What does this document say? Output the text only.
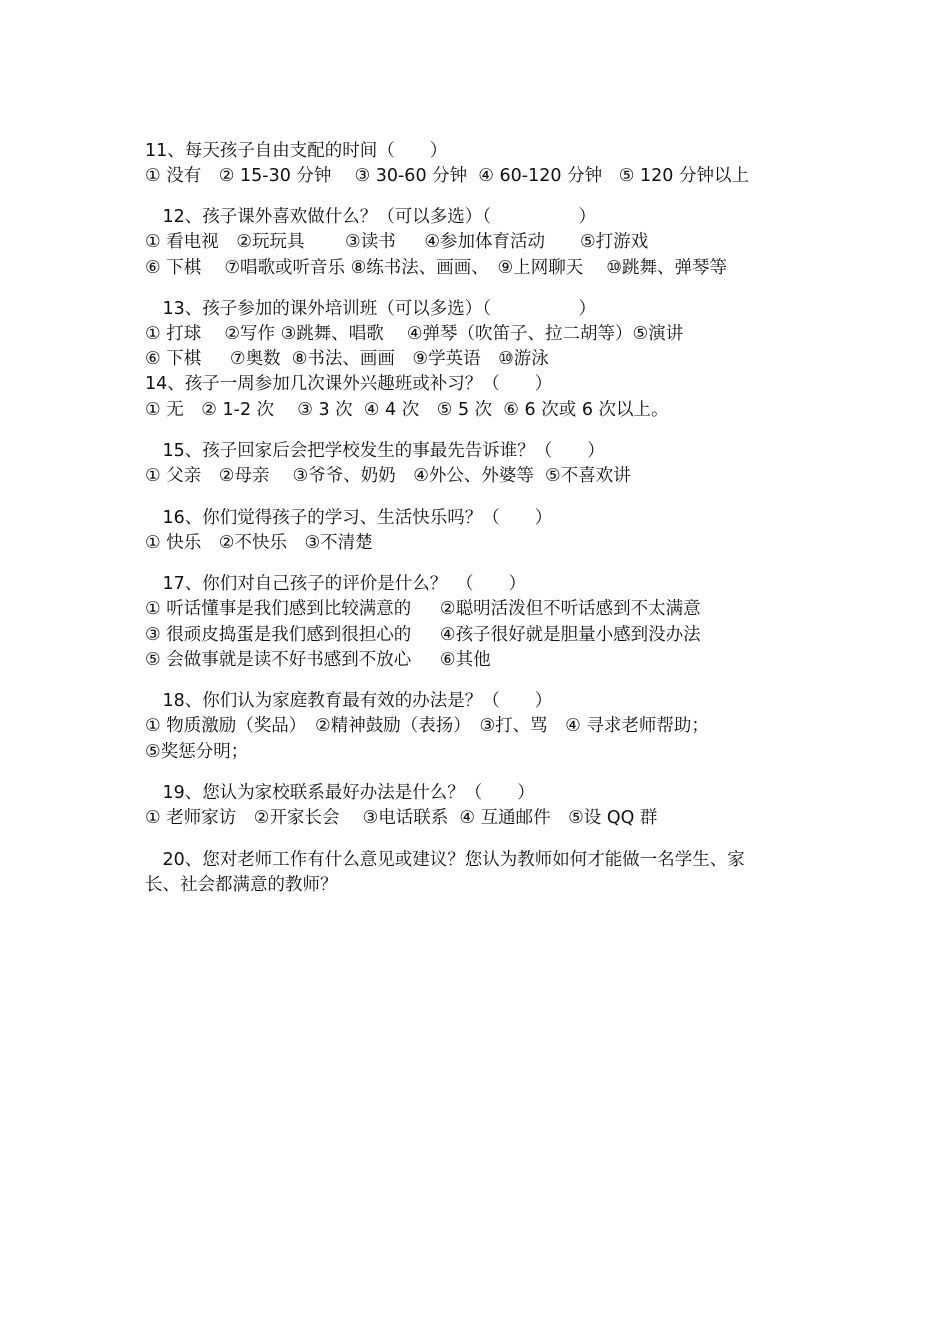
11、每天孩子自由支配的时间（　　）
① 没有　② 15-30 分钟　 ③ 30-60 分钟  ④ 60-120 分钟   ⑤ 120 分钟以上
　12、孩子课外喜欢做什么？（可以多选）（　　　　　）
① 看电视　②玩玩具　　 ③读书　  ④参加体育活动　　⑤打游戏
⑥ 下棋　 ⑦唱歌或听音乐 ⑧练书法、画画、　⑨上网聊天　 ⑩跳舞、弹琴等
　13、孩子参加的课外培训班（可以多选）（　　　　　）
① 打球　 ②写作 ③跳舞、唱歌　 ④弹琴（吹笛子、拉二胡等）⑤演讲
⑥ 下棋　  ⑦奥数  ⑧书法、画画　⑨学英语　⑩游泳
14、孩子一周参加几次课外兴趣班或补习？（　　）
① 无　② 1-2 次　 ③ 3 次  ④ 4 次　⑤ 5 次  ⑥ 6 次或 6 次以上。
　15、孩子回家后会把学校发生的事最先告诉谁？（　　）
① 父亲　②母亲　 ③爷爷、奶奶　④外公、外婆等  ⑤不喜欢讲
　16、你们觉得孩子的学习、生活快乐吗？（　　）
① 快乐　②不快乐　③不清楚
　17、你们对自己孩子的评价是什么？　（　　）
① 听话懂事是我们感到比较满意的　  ②聪明活泼但不听话感到不太满意
③ 很顽皮捣蛋是我们感到很担心的　  ④孩子很好就是胆量小感到没办法
⑤ 会做事就是读不好书感到不放心　  ⑥其他
　18、你们认为家庭教育最有效的办法是？（　　）
① 物质激励（奖品）　②精神鼓励（表扬）　③打、骂　④ 寻求老师帮助；
⑤奖惩分明；
　19、您认为家校联系最好办法是什么？（　　）
① 老师家访　②开家长会　 ③电话联系  ④ 互通邮件　⑤设 QQ 群
　20、您对老师工作有什么意见或建议？您认为教师如何才能做一名学生、家
长、社会都满意的教师？
